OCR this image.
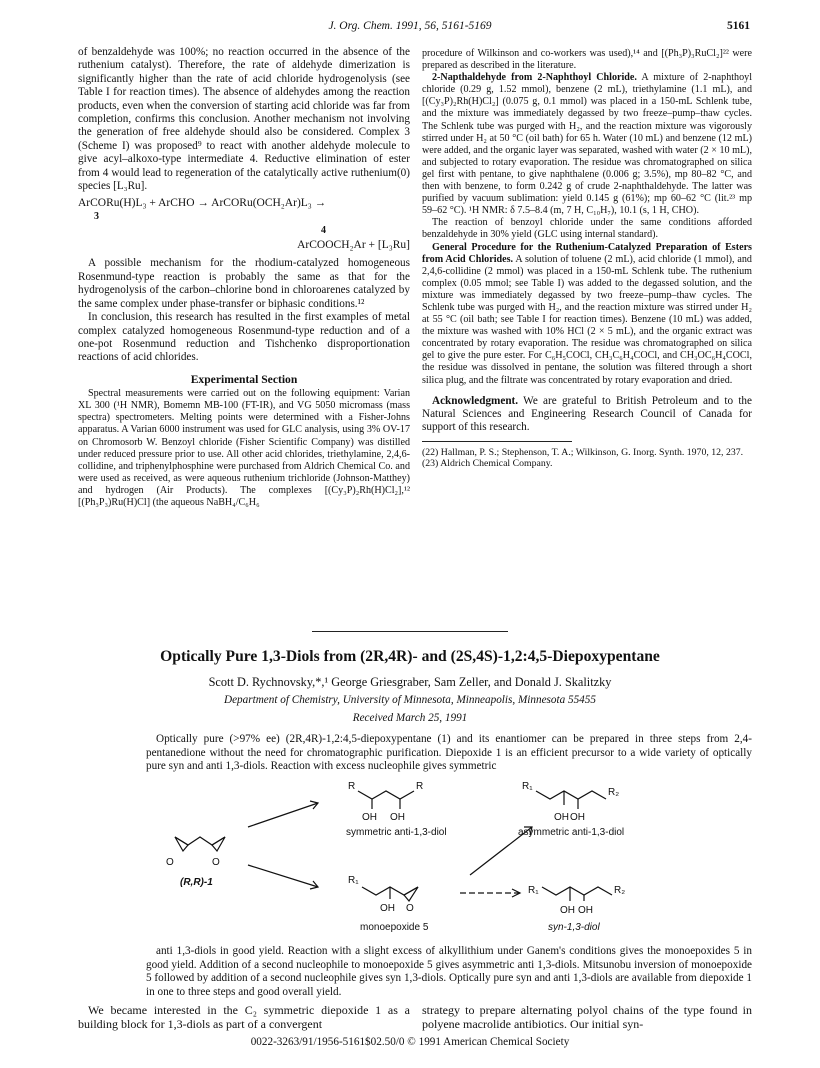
J. Org. Chem. 1991, 56, 5161-5169	5161

of benzaldehyde was 100%; no reaction occurred in the absence of the ruthenium catalyst). Therefore, the rate of aldehyde dimerization is significantly higher than the rate of acid chloride hydrogenolysis (see Table I for reaction times). The absence of aldehydes among the reaction products, even when the conversion of starting acid chloride was far from completion, confirms this conclusion. Another mechanism not involving the generation of free aldehyde should also be considered. Complex 3 (Scheme I) was proposed⁹ to react with another aldehyde molecule to give acyl–alkoxo-type intermediate 4. Reductive elimination of ester from 4 would lead to regeneration of the catalytically active ruthenium(0) species [L₃Ru].

ArCORu(H)L₃ + ArCHO → ArCORu(OCH₂Ar)L₃ →
3
4
ArCOOCH₂Ar + [L₃Ru]

A possible mechanism for the rhodium-catalyzed homogeneous Rosenmund-type reaction is probably the same as that for the hydrogenolysis of the carbon–chlorine bond in chloroarenes catalyzed by the same complex under phase-transfer or biphasic conditions.¹²

In conclusion, this research has resulted in the first examples of metal complex catalyzed homogeneous Rosenmund-type reduction and of a one-pot Rosenmund reduction and Tishchenko disproportionation reactions of acid chlorides.

Experimental Section

Spectral measurements were carried out on the following equipment: Varian XL 300 (¹H NMR), Bomemn MB-100 (FT-IR), and VG 5050 micromass (mass spectra) spectrometers. Melting points were determined with a Fisher-Johns apparatus. A Varian 6000 instrument was used for GLC analysis, using 3% OV-17 on Chromosorb W. Benzoyl chloride (Fisher Scientific Company) was distilled under reduced pressure prior to use. All other acid chlorides, triethylamine, 2,4,6-collidine, and triphenylphosphine were purchased from Aldrich Chemical Co. and were used as received, as were aqueous ruthenium trichloride (Johnson-Matthey) and hydrogen (Air Products). The complexes [(Cy₃P)₂Rh(H)Cl₂],¹² [(Ph₃P₃)Ru(H)Cl] (the aqueous NaBH₄/C₆H₆

procedure of Wilkinson and co-workers was used),¹⁴ and [(Ph₃P)₃RuCl₂]²² were prepared as described in the literature.

2-Napthaldehyde from 2-Naphthoyl Chloride. A mixture of 2-naphthoyl chloride (0.29 g, 1.52 mmol), benzene (2 mL), triethylamine (1.1 mL), and [(Cy₃P)₂Rh(H)Cl₂] (0.075 g, 0.1 mmol) was placed in a 150-mL Schlenk tube, and the mixture was immediately degassed by two freeze–pump–thaw cycles. The Schlenk tube was purged with H₂, and the reaction mixture was vigorously stirred under H₂ at 50 °C (oil bath) for 65 h. Water (10 mL) and benzene (12 mL) were added, and the organic layer was separated, washed with water (2 × 10 mL), and subjected to rotary evaporation. The residue was chromatographed on silica gel first with pentane, to give naphthalene (0.006 g; 3.5%), mp 80–82 °C, and then with benzene, to form 0.242 g of crude 2-naphthaldehyde. The latter was purified by vacuum sublimation: yield 0.145 g (61%); mp 60–62 °C (lit.²³ mp 59–62 °C). ¹H NMR: δ 7.5–8.4 (m, 7 H, C₁₀H₇), 10.1 (s, 1 H, CHO).

The reaction of benzoyl chloride under the same conditions afforded benzaldehyde in 30% yield (GLC using internal standard).

General Procedure for the Ruthenium-Catalyzed Preparation of Esters from Acid Chlorides. A solution of toluene (2 mL), acid chloride (1 mmol), and 2,4,6-collidine (2 mmol) was placed in a 150-mL Schlenk tube. The ruthenium complex (0.05 mmol; see Table I) was added to the degassed solution, and the mixture was immediately degassed by two freeze–pump–thaw cycles. The Schlenk tube was purged with H₂, and the reaction mixture was stirred under H₂ at 55 °C (oil bath; see Table I for reaction times). Benzene (10 mL) was added, the mixture was washed with 10% HCl (2 × 5 mL), and the organic extract was concentrated by rotary evaporation. The residue was chromatographed on silica gel to give the pure ester. For C₆H₅COCl, CH₃C₆H₄COCl, and CH₃OC₆H₄COCl, the residue was dissolved in pentane, the solution was filtered through a short silica plug, and the filtrate was concentrated by rotary evaporation and dried.

Acknowledgment. We are grateful to British Petroleum and to the Natural Sciences and Engineering Research Council of Canada for support of this research.

(22) Hallman, P. S.; Stephenson, T. A.; Wilkinson, G. Inorg. Synth. 1970, 12, 237.

(23) Aldrich Chemical Company.

Optically Pure 1,3-Diols from (2R,4R)- and (2S,4S)-1,2:4,5-Diepoxypentane
Scott D. Rychnovsky,*,¹ George Griesgraber, Sam Zeller, and Donald J. Skalitzky
Department of Chemistry, University of Minnesota, Minneapolis, Minnesota 55455
Received March 25, 1991

Optically pure (>97% ee) (2R,4R)-1,2:4,5-diepoxypentane (1) and its enantiomer can be prepared in three steps from 2,4-pentanedione without the need for chromatographic purification. Diepoxide 1 is an efficient precursor to a wide variety of optically pure syn and anti 1,3-diols. Reaction with excess nucleophile gives symmetric

O	O
(R,R)-1
R	R
OH OH
symmetric anti-1,3-diol
R₁
R₂
OH OH
asymmetric anti-1,3-diol
R₁
OH O
monoepoxide 5
R₁	R₂
OH OH
syn-1,3-diol

anti 1,3-diols in good yield. Reaction with a slight excess of alkyllithium under Ganem's conditions gives the monoepoxides 5 in good yield. Addition of a second nucleophile to monoepoxide 5 gives asymmetric anti 1,3-diols. Mitsunobu inversion of monoepoxide 5 followed by addition of a second nucleophile gives syn 1,3-diols. Optically pure syn and anti 1,3-diols are available from diepoxide 1 in one to three steps and good overall yield.

We became interested in the C₂ symmetric diepoxide 1 as a building block for 1,3-diols as part of a convergent

strategy to prepare alternating polyol chains of the type found in polyene macrolide antibiotics. Our initial syn-

0022-3263/91/1956-5161$02.50/0 © 1991 American Chemical Society
